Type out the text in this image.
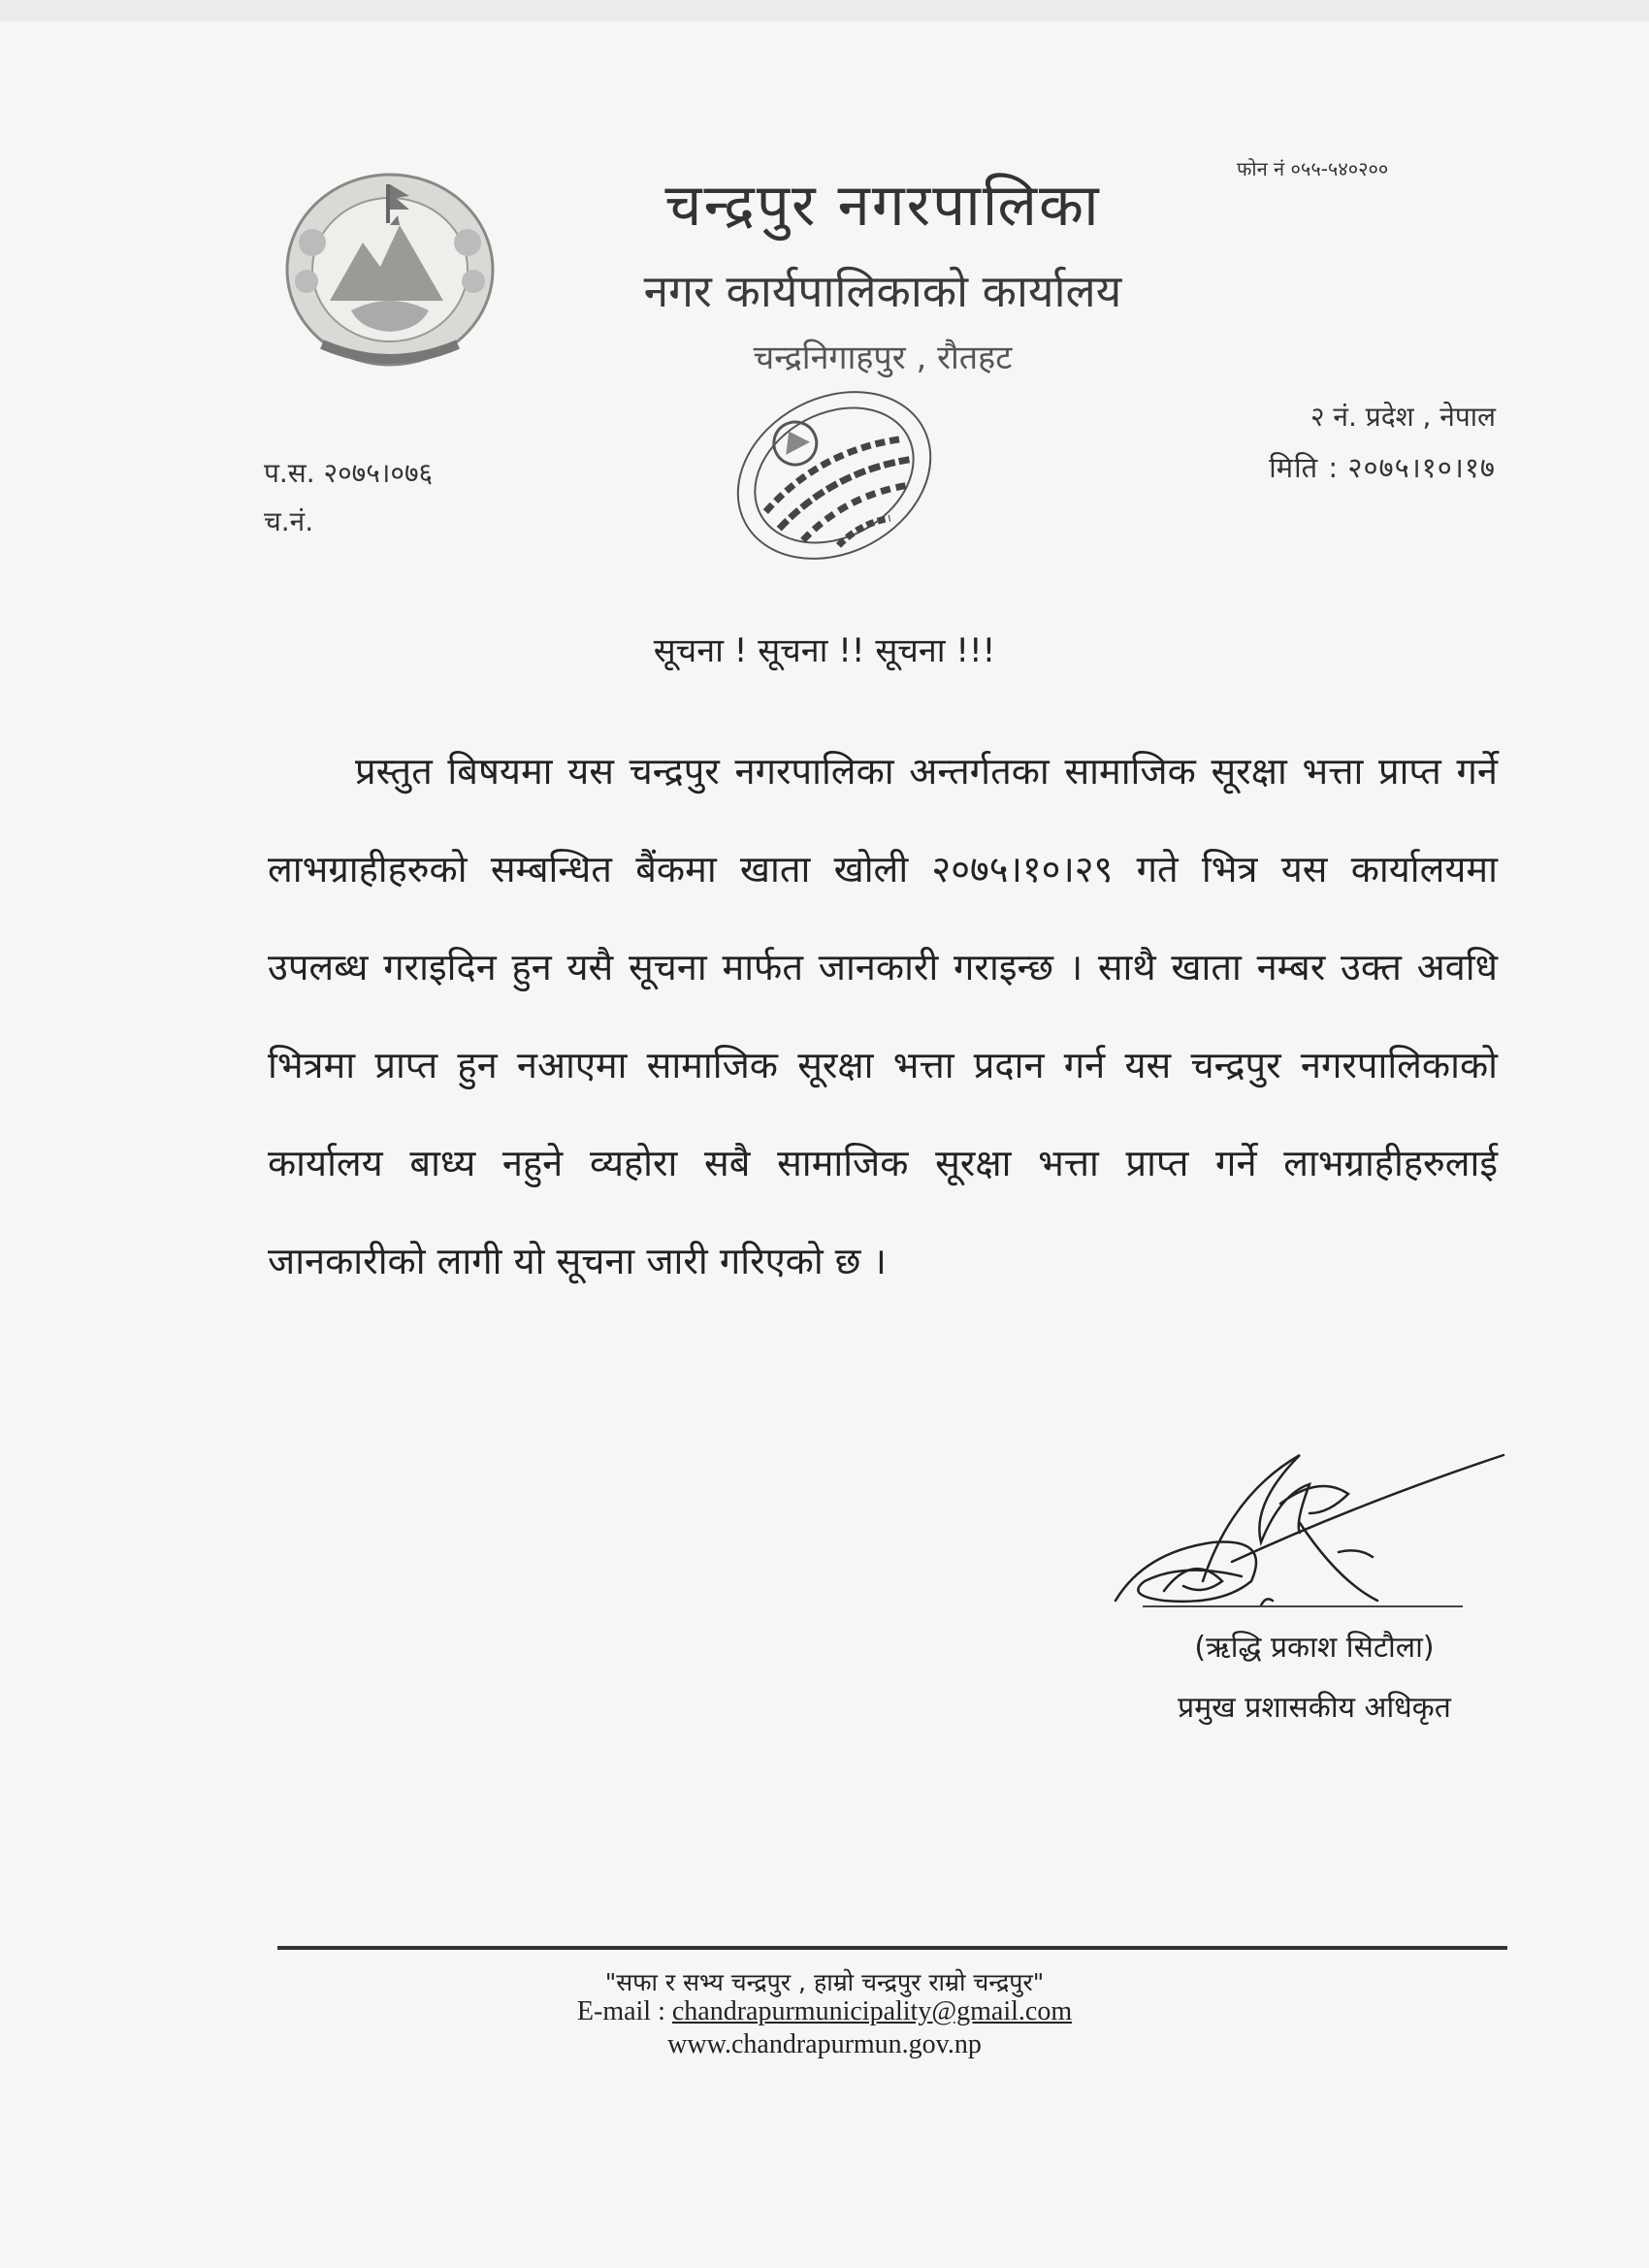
चन्द्रपुर नगरपालिका
नगर कार्यपालिकाको कार्यालय
चन्द्रनिगाहपुर , रौतहट
फोन नं ०५५-५४०२००
२ नं. प्रदेश , नेपाल
मिति : २०७५।१०।१७
प.स. २०७५।०७६
च.नं.
सूचना ! सूचना !! सूचना !!!
प्रस्तुत बिषयमा यस चन्द्रपुर नगरपालिका अन्तर्गतका सामाजिक सूरक्षा भत्ता प्राप्त गर्ने लाभग्राहीहरुको सम्बन्धित बैंकमा खाता खोली २०७५।१०।२९ गते भित्र यस कार्यालयमा उपलब्ध गराइदिन हुन यसै सूचना मार्फत जानकारी गराइन्छ । साथै खाता नम्बर उक्त अवधि भित्रमा प्राप्त हुन नआएमा सामाजिक सूरक्षा भत्ता प्रदान गर्न यस चन्द्रपुर नगरपालिकाको कार्यालय बाध्य नहुने व्यहोरा सबै सामाजिक सूरक्षा भत्ता प्राप्त गर्ने लाभग्राहीहरुलाई जानकारीको लागी यो सूचना जारी गरिएको छ ।
(ऋद्धि प्रकाश सिटौला)
प्रमुख प्रशासकीय अधिकृत
"सफा र सभ्य चन्द्रपुर , हाम्रो चन्द्रपुर राम्रो चन्द्रपुर"
E-mail : chandrapurmunicipality@gmail.com
www.chandrapurmun.gov.np
